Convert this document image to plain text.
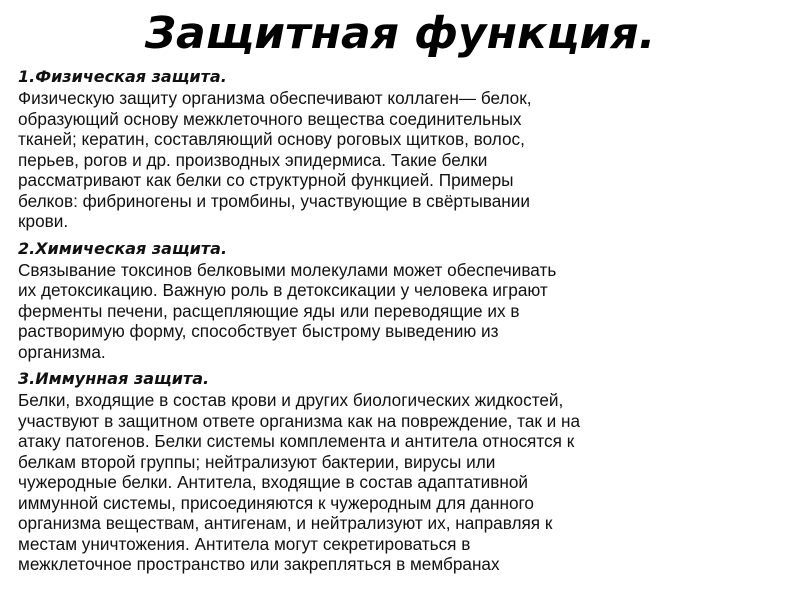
Защитная функция.

1.Физическая защита.

Физическую защиту организма обеспечивают коллаген— белок,
образующий основу межклеточного вещества соединительных
тканей; кератин, составляющий основу роговых щитков, волос,
перьев, рогов и др. производных эпидермиса. Такие белки
рассматривают как белки со структурной функцией. Примеры
белков: фибриногены и тромбины, участвующие в свёртывании
крови.

2.Химическая защита.

Связывание токсинов белковыми молекулами может обеспечивать
их детоксикацию. Важную роль в детоксикации у человека играют
ферменты печени, расщепляющие яды или переводящие их в
растворимую форму, способствует быстрому выведению из
организма.

3.Иммунная защита.

Белки, входящие в состав крови и других биологических жидкостей,
участвуют в защитном ответе организма как на повреждение, так и на
атаку патогенов. Белки системы комплемента и антитела относятся к
белкам второй группы; нейтрализуют бактерии, вирусы или
чужеродные белки. Антитела, входящие в состав адаптативной
иммунной системы, присоединяются к чужеродным для данного
организма веществам, антигенам, и нейтрализуют их, направляя к
местам уничтожения. Антитела могут секретироваться в
межклеточное пространство или закрепляться в мембранах
